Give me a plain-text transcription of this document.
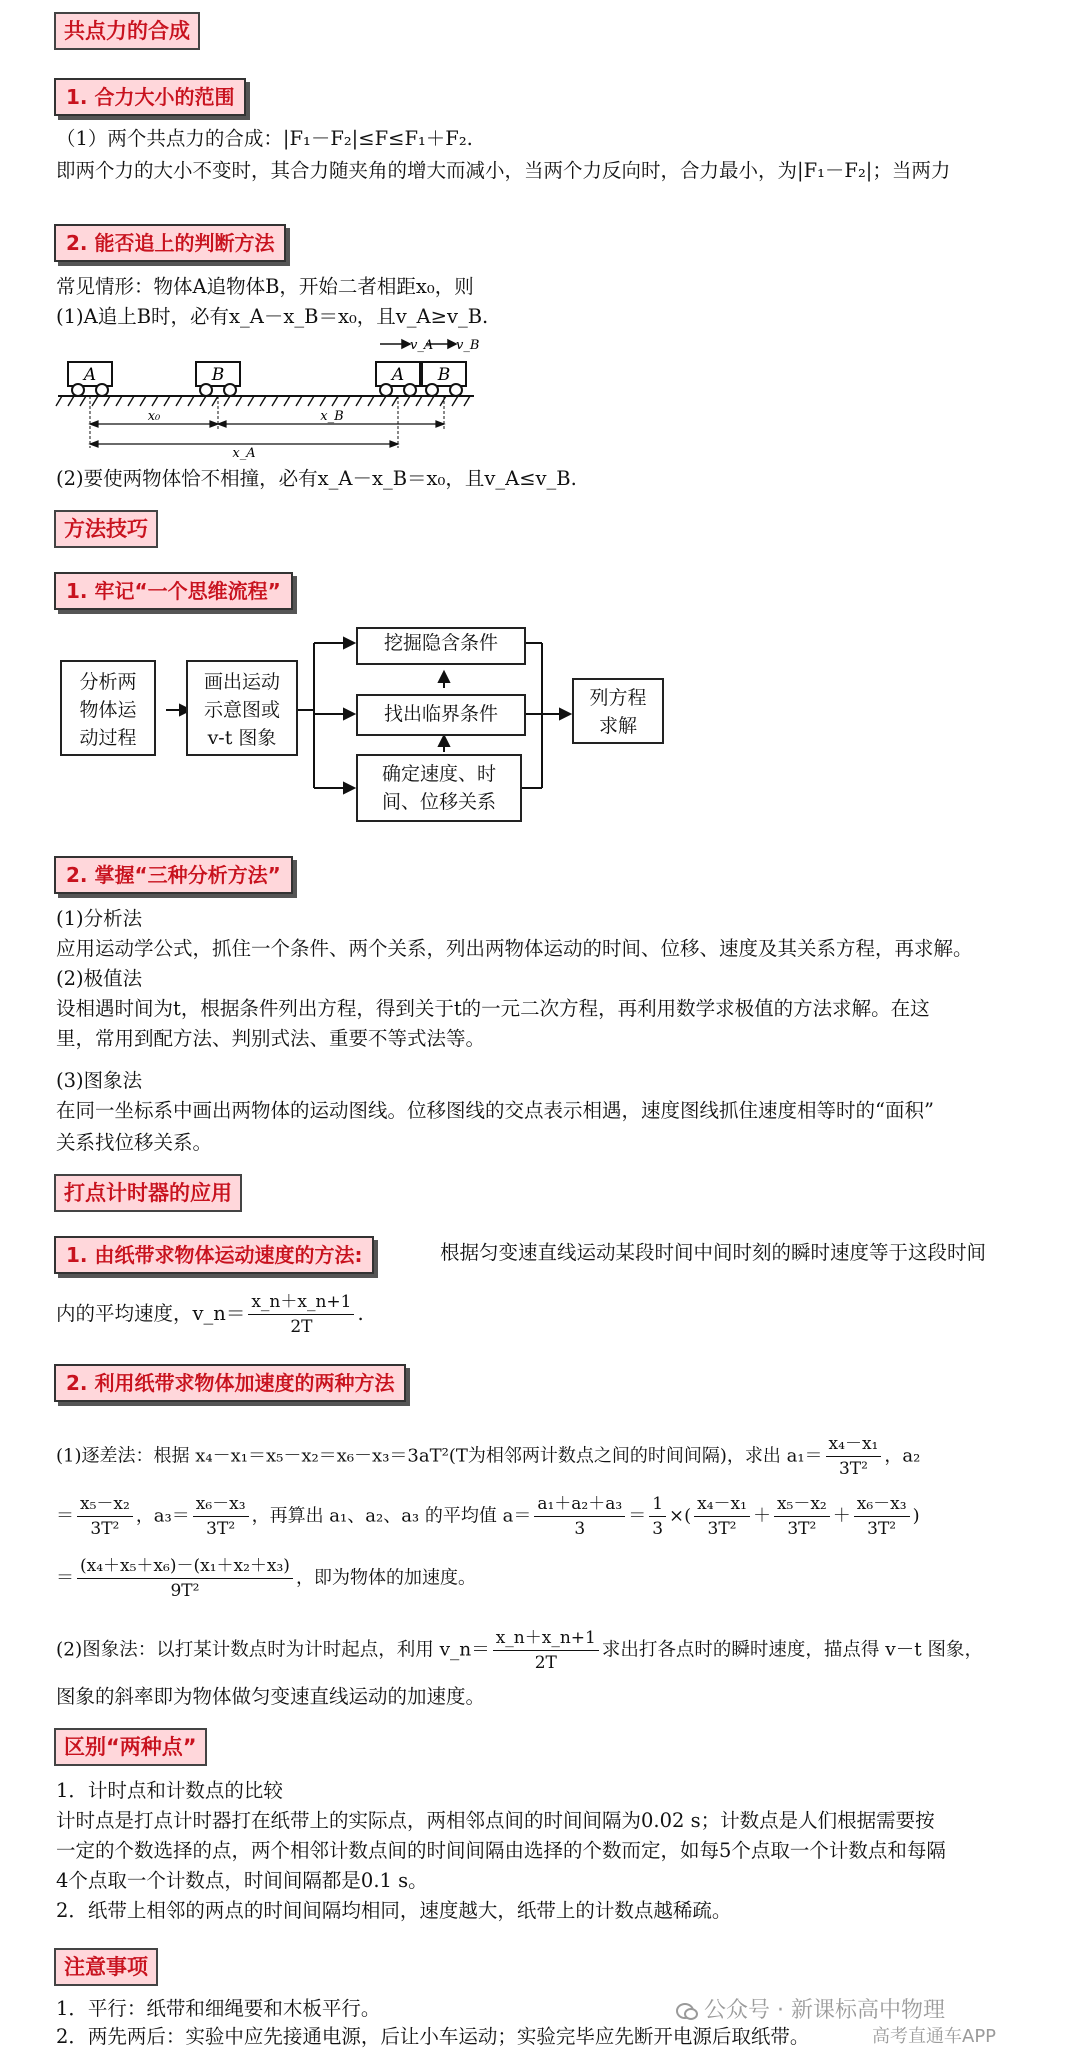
共点力的合成
1. 合力大小的范围
（1）两个共点力的合成：|F₁－F₂|≤F≤F₁＋F₂.
即两个力的大小不变时，其合力随夹角的增大而减小，当两个力反向时，合力最小，为|F₁－F₂|；当两力
2. 能否追上的判断方法
常见情形：物体A追物体B，开始二者相距x₀，则
(1)A追上B时，必有x_A－x_B＝x₀，且v_A≥v_B.
A	B	A B
v_A v_B
x₀	x_B
x_A
(2)要使两物体恰不相撞，必有x_A－x_B＝x₀，且v_A≤v_B.
方法技巧
1. 牢记“一个思维流程”
分析两
物体运
动过程
画出运动
示意图或
v-t 图象
挖掘隐含条件
找出临界条件
确定速度、时
间、位移关系
列方程
求解
2. 掌握“三种分析方法”
(1)分析法
应用运动学公式，抓住一个条件、两个关系，列出两物体运动的时间、位移、速度及其关系方程，再求解。
(2)极值法
设相遇时间为t，根据条件列出方程，得到关于t的一元二次方程，再利用数学求极值的方法求解。在这
里，常用到配方法、判别式法、重要不等式法等。
(3)图象法
在同一坐标系中画出两物体的运动图线。位移图线的交点表示相遇，速度图线抓住速度相等时的“面积”
关系找位移关系。
打点计时器的应用
1. 由纸带求物体运动速度的方法:	根据匀变速直线运动某段时间中间时刻的瞬时速度等于这段时间
内的平均速度，v_n＝ $\frac{x\_n+x\_n+1}{2T}$ .
2. 利用纸带求物体加速度的两种方法
(1)逐差法：根据 x₄－x₁＝x₅－x₂＝x₆－x₃＝3aT²(T为相邻两计数点之间的时间间隔)，求出 $a_1= \frac{\text{x₄－x₁}}{\text{3T²}}$ ，a₂
＝ $\frac{\text{x₅－x₂}}{\text{3T²}}$ ，$a_3= \frac{\text{x₆－x₃}}{\text{3T²}}$ ，再算出 a₁、a₂、a₃ 的平均值 $a= \frac{\text{a₁＋a₂＋a₃}}{3} = \frac{1}{3}$ ×( $\frac{\text{x₄－x₁}}{\text{3T²}} + \frac{\text{x₅－x₂}}{\text{3T²}} + \frac{\text{x₆－x₃}}{\text{3T²}}$ )
＝ $\frac{\text{(x₄＋x₅＋x₆)－(x₁＋x₂＋x₃)}}{\text{9T²}}$ ，即为物体的加速度。
(2)图象法：以打某计数点时为计时起点，利用 v_n＝ $\frac{x\_n+x\_n+1}{2T}$ 求出打各点时的瞬时速度，描点得 v－t 图象，
图象的斜率即为物体做匀变速直线运动的加速度。
区别“两种点”
1．计时点和计数点的比较
计时点是打点计时器打在纸带上的实际点，两相邻点间的时间间隔为0.02 s；计数点是人们根据需要按
一定的个数选择的点，两个相邻计数点间的时间间隔由选择的个数而定，如每5个点取一个计数点和每隔
4个点取一个计数点，时间间隔都是0.1 s。
2．纸带上相邻的两点的时间间隔均相同，速度越大，纸带上的计数点越稀疏。
注意事项
1．平行：纸带和细绳要和木板平行。
2．两先两后：实验中应先接通电源，后让小车运动；实验完毕应先断开电源后取纸带。
公众号 · 新课标高中物理
高考直通车APP
